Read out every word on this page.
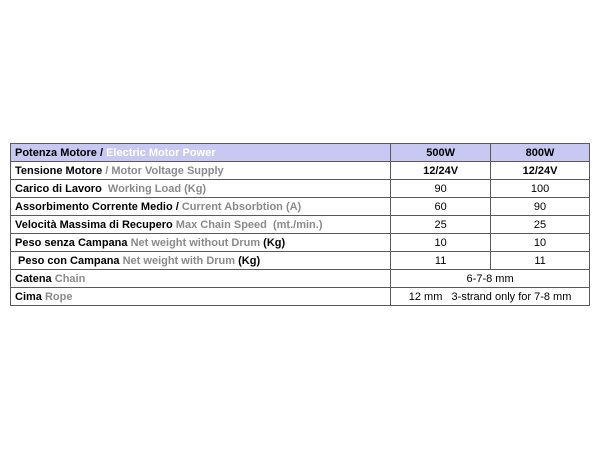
Potenza Motore / Electric Motor Power	500W	800W
Tensione Motore / Motor Voltage Supply	12/24V	12/24V
Carico di Lavoro Working Load (Kg)	90	100
Assorbimento Corrente Medio / Current Absorbtion (A)	60	90
Velocità Massima di Recupero Max Chain Speed  (mt./min.)	25	25
Peso senza Campana Net weight without Drum (Kg)	10	10
Peso con Campana Net weight with Drum (Kg)	11	11
Catena Chain	6-7-8 mm	
Cima Rope	12 mm   3-strand only for 7-8 mm	
